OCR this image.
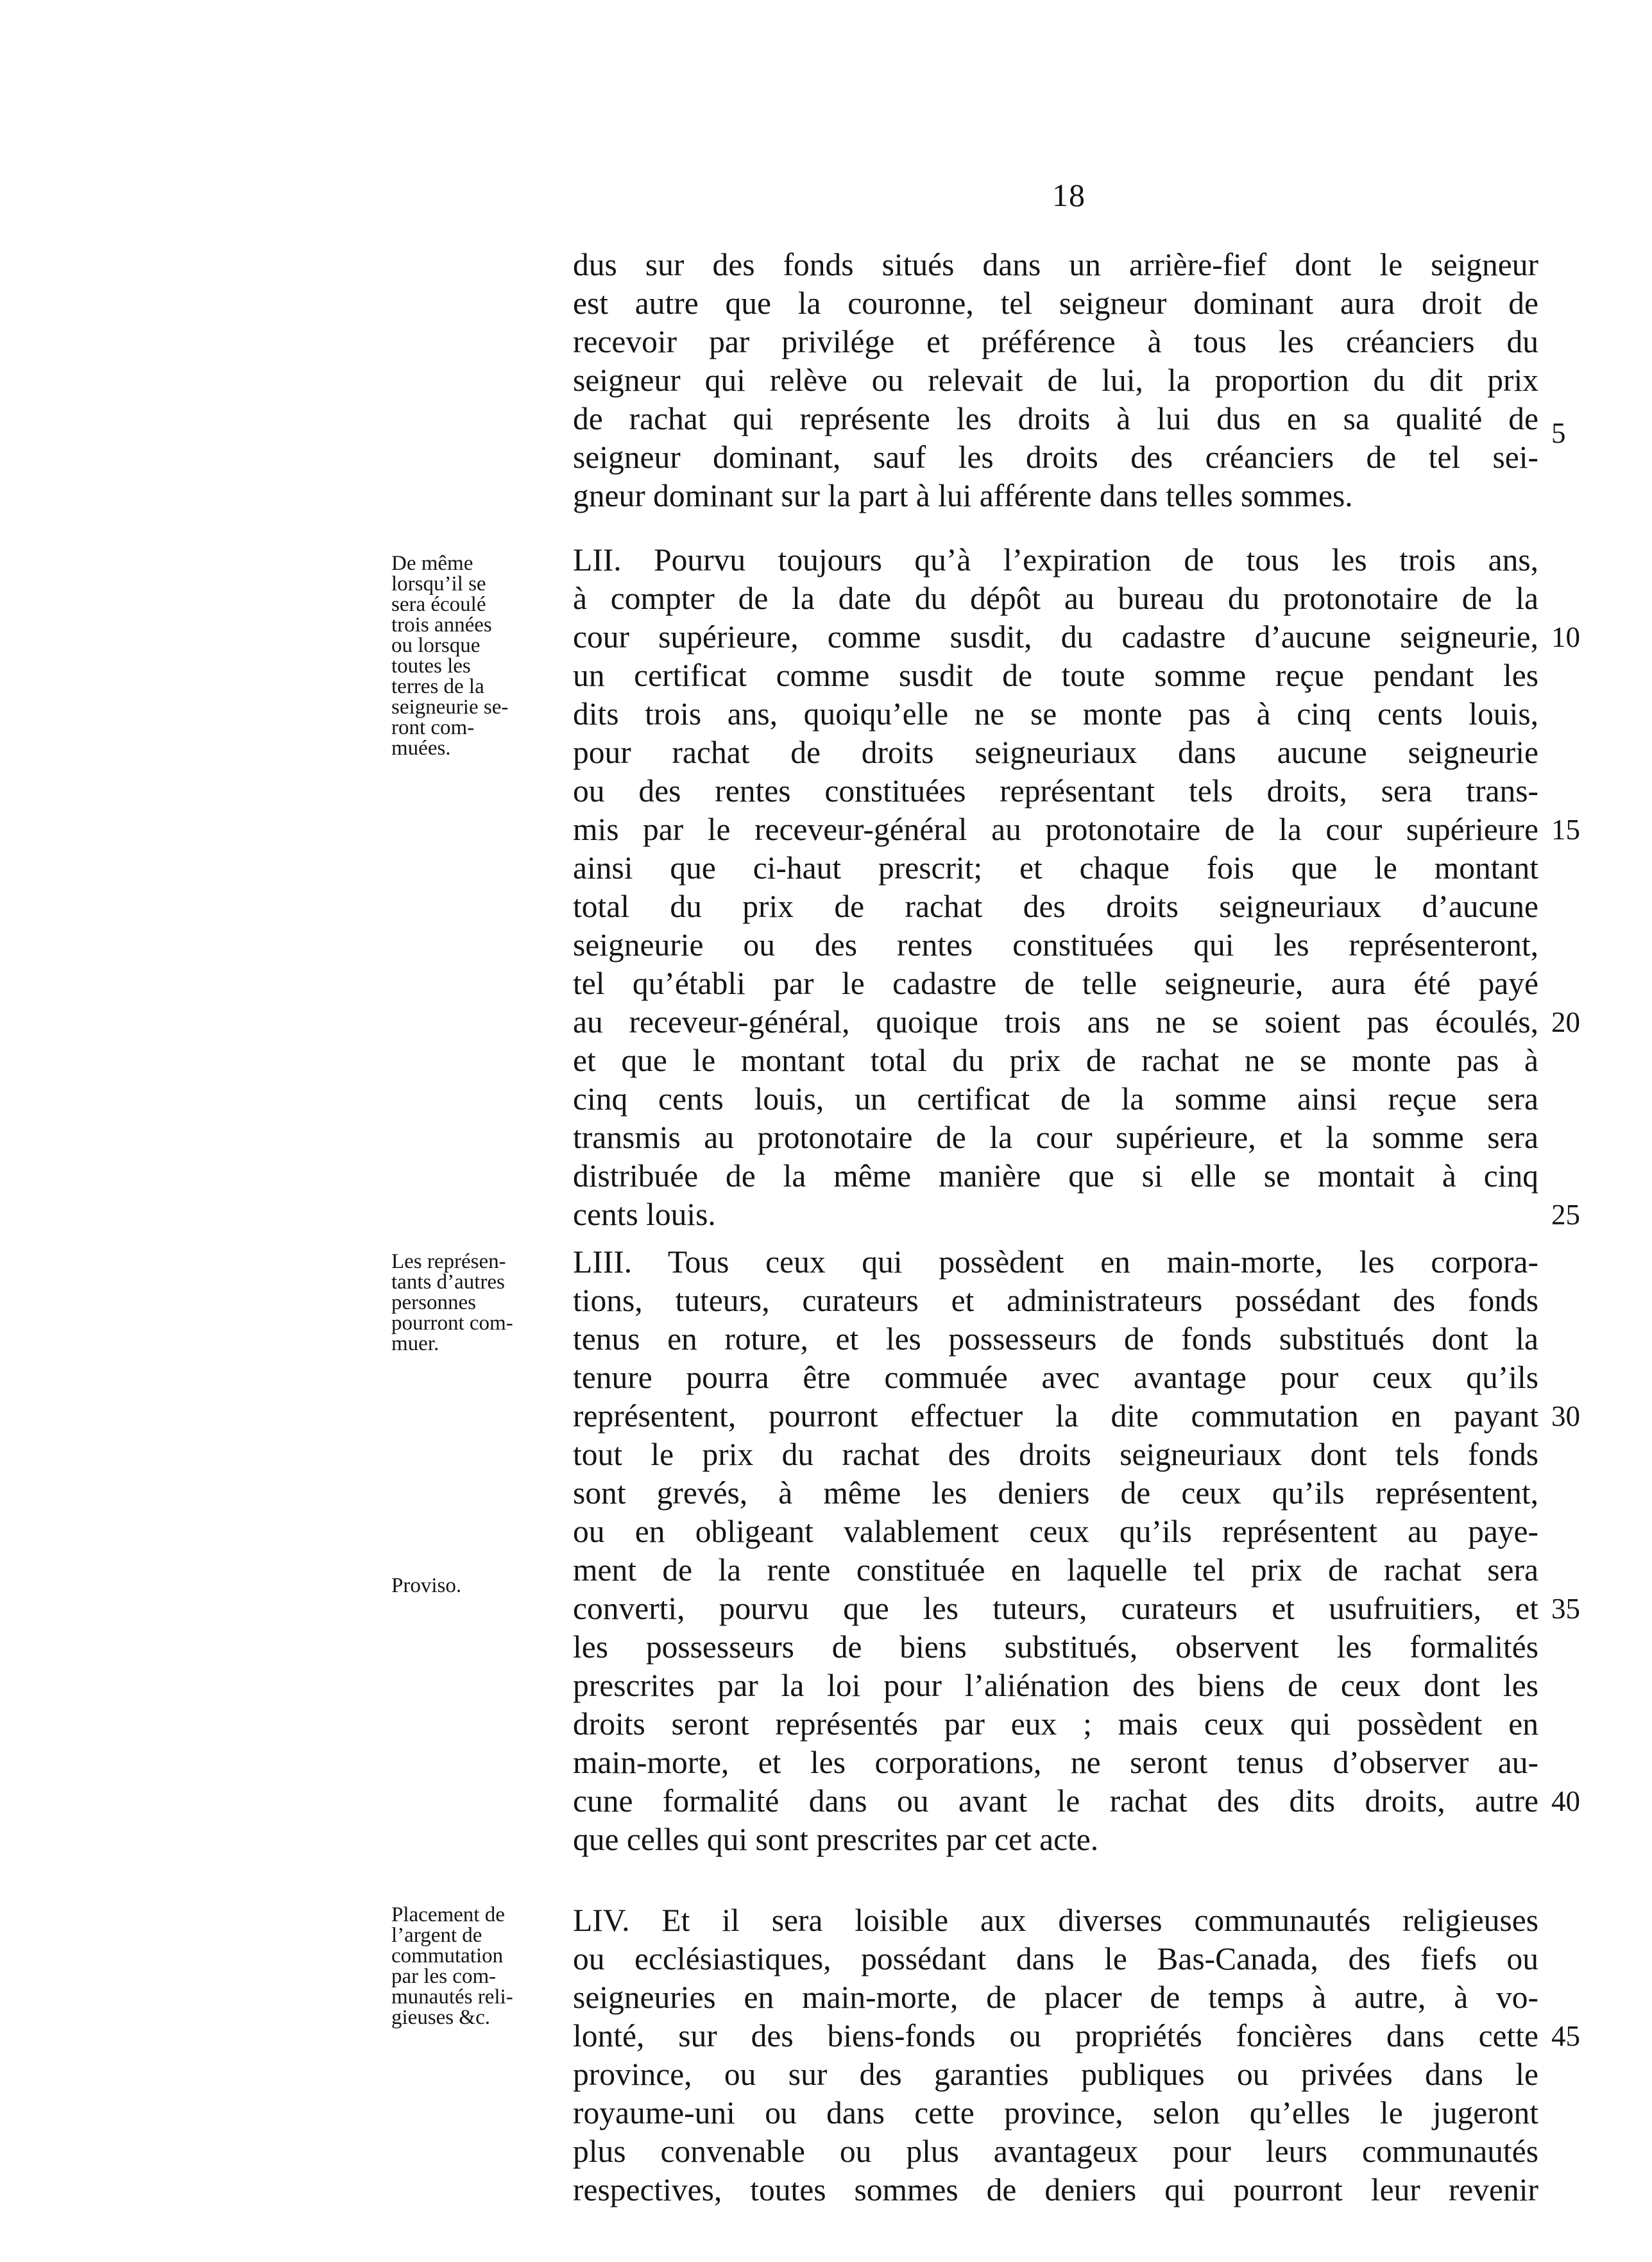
18
dus sur des fonds situés dans un arrière-fief dont le seigneur
est autre que la couronne, tel seigneur dominant aura droit de
recevoir par privilége et préférence à tous les créanciers du
seigneur qui relève ou relevait de lui, la proportion du dit prix
de rachat qui représente les droits à lui dus en sa qualité de
seigneur dominant, sauf les droits des créanciers de tel sei-
gneur dominant sur la part à lui afférente dans telles sommes.
LII. Pourvu toujours qu’à l’expiration de tous les trois ans,
à compter de la date du dépôt au bureau du protonotaire de la
cour supérieure, comme susdit, du cadastre d’aucune seigneurie,
un certificat comme susdit de toute somme reçue pendant les
dits trois ans, quoiqu’elle ne se monte pas à cinq cents louis,
pour rachat de droits seigneuriaux dans aucune seigneurie
ou des rentes constituées représentant tels droits, sera trans-
mis par le receveur-général au protonotaire de la cour supérieure
ainsi que ci-haut prescrit; et chaque fois que le montant
total du prix de rachat des droits seigneuriaux d’aucune
seigneurie ou des rentes constituées qui les représenteront,
tel qu’établi par le cadastre de telle seigneurie, aura été payé
au receveur-général, quoique trois ans ne se soient pas écoulés,
et que le montant total du prix de rachat ne se monte pas à
cinq cents louis, un certificat de la somme ainsi reçue sera
transmis au protonotaire de la cour supérieure, et la somme sera
distribuée de la même manière que si elle se montait à cinq
cents louis.
LIII. Tous ceux qui possèdent en main-morte, les corpora-
tions, tuteurs, curateurs et administrateurs possédant des fonds
tenus en roture, et les possesseurs de fonds substitués dont la
tenure pourra être commuée avec avantage pour ceux qu’ils
représentent, pourront effectuer la dite commutation en payant
tout le prix du rachat des droits seigneuriaux dont tels fonds
sont grevés, à même les deniers de ceux qu’ils représentent,
ou en obligeant valablement ceux qu’ils représentent au paye-
ment de la rente constituée en laquelle tel prix de rachat sera
converti, pourvu que les tuteurs, curateurs et usufruitiers, et
les possesseurs de biens substitués, observent les formalités
prescrites par la loi pour l’aliénation des biens de ceux dont les
droits seront représentés par eux ; mais ceux qui possèdent en
main-morte, et les corporations, ne seront tenus d’observer au-
cune formalité dans ou avant le rachat des dits droits, autre
que celles qui sont prescrites par cet acte.
LIV. Et il sera loisible aux diverses communautés religieuses
ou ecclésiastiques, possédant dans le Bas-Canada, des fiefs ou
seigneuries en main-morte, de placer de temps à autre, à vo-
lonté, sur des biens-fonds ou propriétés foncières dans cette
province, ou sur des garanties publiques ou privées dans le
royaume-uni ou dans cette province, selon qu’elles le jugeront
plus convenable ou plus avantageux pour leurs communautés
respectives, toutes sommes de deniers qui pourront leur revenir
5
10
15
20
25
30
35
40
45
De même
lorsqu’il se
sera écoulé
trois années
ou lorsque
toutes les
terres de la
seigneurie se-
ront com-
muées.
Les représen-
tants d’autres
personnes
pourront com-
muer.
Proviso.
Placement de
l’argent de
commutation
par les com-
munautés reli-
gieuses &c.
